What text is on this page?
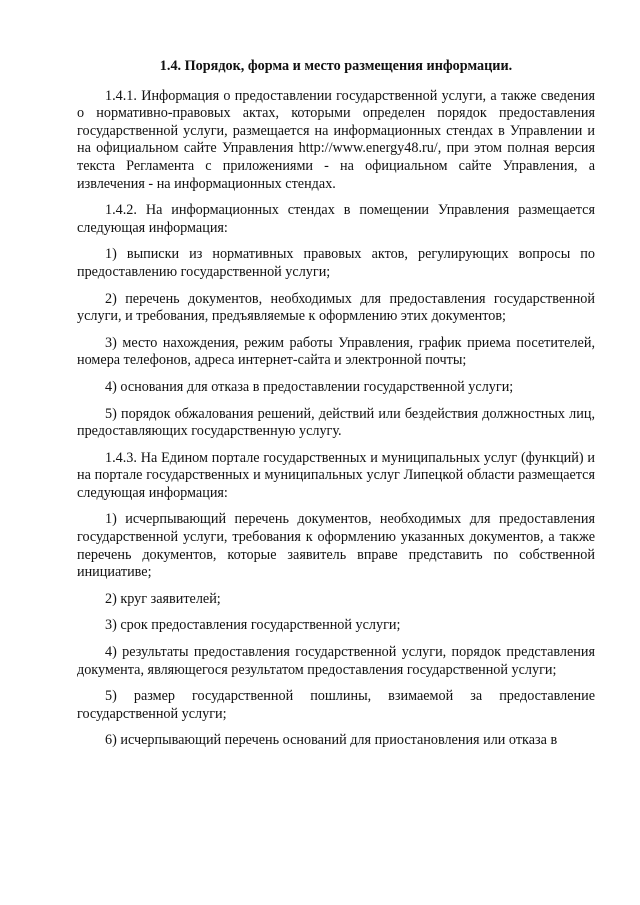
1.4. Порядок, форма и место размещения информации.

1.4.1. Информация о предоставлении государственной услуги, а также сведения о нормативно-правовых актах, которыми определен порядок предоставления государственной услуги, размещается на информационных стендах в Управлении и на официальном сайте Управления http://www.energy48.ru/, при этом полная версия текста Регламента с приложениями - на официальном сайте Управления, а извлечения - на информационных стендах.

1.4.2. На информационных стендах в помещении Управления размещается следующая информация:

1) выписки из нормативных правовых актов, регулирующих вопросы по предоставлению государственной услуги;

2) перечень документов, необходимых для предоставления государственной услуги, и требования, предъявляемые к оформлению этих документов;

3) место нахождения, режим работы Управления, график приема посетителей, номера телефонов, адреса интернет-сайта и электронной почты;

4) основания для отказа в предоставлении государственной услуги;

5) порядок обжалования решений, действий или бездействия должностных лиц, предоставляющих государственную услугу.

1.4.3. На Едином портале государственных и муниципальных услуг (функций) и на портале государственных и муниципальных услуг Липецкой области размещается следующая информация:

1) исчерпывающий перечень документов, необходимых для предоставления государственной услуги, требования к оформлению указанных документов, а также перечень документов, которые заявитель вправе представить по собственной инициативе;

2) круг заявителей;

3) срок предоставления государственной услуги;

4) результаты предоставления государственной услуги, порядок представления документа, являющегося результатом предоставления государственной услуги;

5) размер государственной пошлины, взимаемой за предоставление государственной услуги;

6) исчерпывающий перечень оснований для приостановления или отказа в
